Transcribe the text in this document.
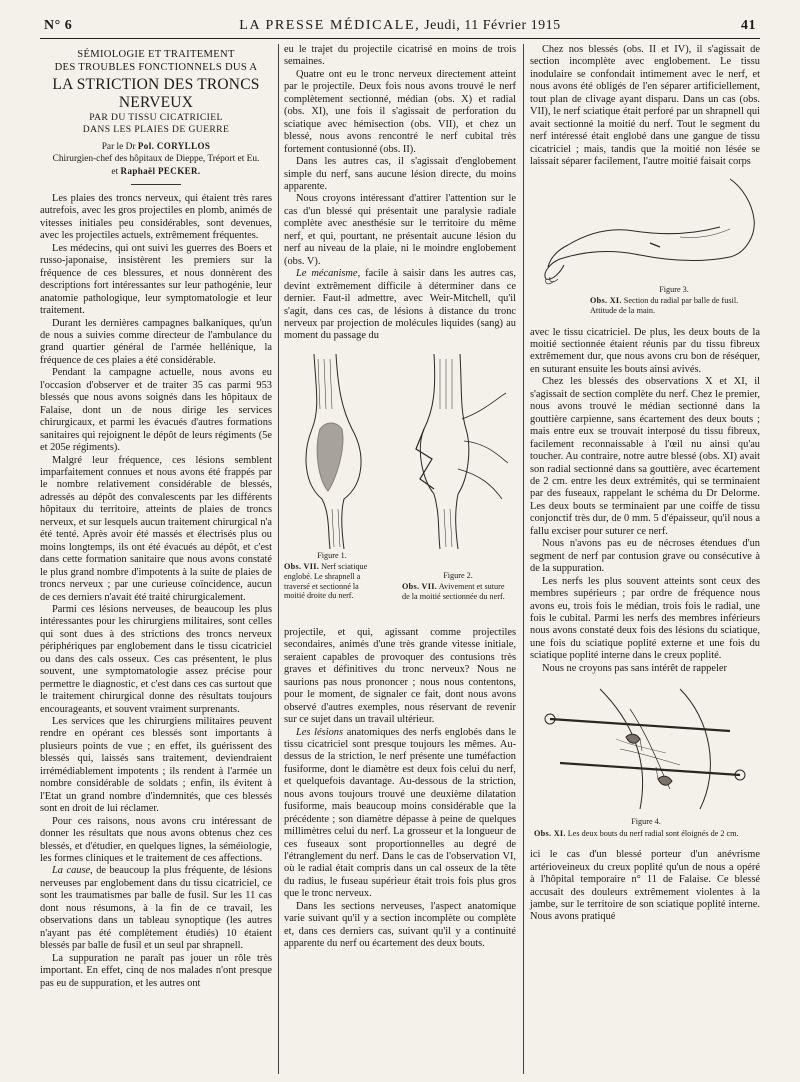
N° 6	LA PRESSE MÉDICALE, Jeudi, 11 Février 1915	41
SÉMIOLOGIE ET TRAITEMENT
DES TROUBLES FONCTIONNELS DUS A
LA STRICTION DES TRONCS NERVEUX
PAR DU TISSU CICATRICIEL
DANS LES PLAIES DE GUERRE
Par le Dr Pol. CORYLLOS
Chirurgien-chef des hôpitaux de Dieppe, Tréport et Eu.
et Raphaël PECKER.

Les plaies des troncs nerveux, qui étaient très rares autrefois, avec les gros projectiles en plomb, animés de vitesses initiales peu considérables, sont devenues, avec les projectiles actuels, extrêmement fréquentes.

Les médecins, qui ont suivi les guerres des Boers et russo-japonaise, insistèrent les premiers sur la fréquence de ces blessures, et nous donnèrent des descriptions fort intéressantes sur leur pathogénie, leur anatomie pathologique, leur symptomatologie et leur traitement.

Durant les dernières campagnes balkaniques, qu'un de nous a suivies comme directeur de l'ambulance du grand quartier général de l'armée hellénique, la fréquence de ces plaies a été considérable.

Pendant la campagne actuelle, nous avons eu l'occasion d'observer et de traiter 35 cas parmi 953 blessés que nous avons soignés dans les hôpitaux de Falaise, dont un de nous dirige les services chirurgicaux, et parmi les évacués d'autres formations sanitaires qui rejoignent le dépôt de leurs régiments (5e et 205e régiments).

Malgré leur fréquence, ces lésions semblent imparfaitement connues et nous avons été frappés par le nombre relativement considérable de blessés, adressés au dépôt des convalescents par les différents hôpitaux du territoire, atteints de plaies de troncs nerveux, et sur lesquels aucun traitement chirurgical n'a été tenté. Après avoir été massés et électrisés plus ou moins longtemps, ils ont été évacués au dépôt, et c'est dans cette formation sanitaire que nous avons constaté le plus grand nombre d'impotents à la suite de plaies de troncs nerveux ; par une curieuse coïncidence, aucun de ces derniers n'avait été traité chirurgicalement.

Parmi ces lésions nerveuses, de beaucoup les plus intéressantes pour les chirurgiens militaires, sont celles qui sont dues à des strictions des troncs nerveux périphériques par englobement dans le tissu cicatriciel ou dans des cals osseux. Ces cas présentent, le plus souvent, une symptomatologie assez précise pour permettre le diagnostic, et c'est dans ces cas surtout que le traitement chirurgical donne des résultats toujours encourageants, et souvent vraiment surprenants.

Les services que les chirurgiens militaires peuvent rendre en opérant ces blessés sont importants à plusieurs points de vue ; en effet, ils guérissent des blessés qui, laissés sans traitement, deviendraient irrémédiablement impotents ; ils rendent à l'armée un nombre considérable de soldats ; enfin, ils évitent à l'Etat un grand nombre d'indemnités, que ces blessés sont en droit de lui réclamer.

Pour ces raisons, nous avons cru intéressant de donner les résultats que nous avons obtenus chez ces blessés, et d'étudier, en quelques lignes, la séméiologie, les formes cliniques et le traitement de ces affections.

La cause, de beaucoup la plus fréquente, de lésions nerveuses par englobement dans du tissu cicatriciel, ce sont les traumatismes par balle de fusil. Sur les 11 cas dont nous résumons, à la fin de ce travail, les observations dans un tableau synoptique (les autres n'ayant pas été complètement étudiés) 10 étaient blessés par balle de fusil et un seul par shrapnell.

La suppuration ne paraît pas jouer un rôle très important. En effet, cinq de nos malades n'ont presque pas eu de suppuration, et les autres ont

eu le trajet du projectile cicatrisé en moins de trois semaines.

Quatre ont eu le tronc nerveux directement atteint par le projectile. Deux fois nous avons trouvé le nerf complètement sectionné, médian (obs. X) et radial (obs. XI), une fois il s'agissait de perforation du sciatique avec hémisection (obs. VII), et chez un blessé, nous avons rencontré le nerf cubital très fortement contusionné (obs. II).

Dans les autres cas, il s'agissait d'englobement simple du nerf, sans aucune lésion directe, du moins apparente.

Nous croyons intéressant d'attirer l'attention sur le cas d'un blessé qui présentait une paralysie radiale complète avec anesthésie sur le territoire du même nerf, et qui, pourtant, ne présentait aucune lésion du nerf au niveau de la plaie, ni le moindre englobement (obs. V).

Le mécanisme, facile à saisir dans les autres cas, devint extrêmement difficile à déterminer dans ce dernier. Faut-il admettre, avec Weir-Mitchell, qu'il s'agit, dans ces cas, de lésions à distance du tronc nerveux par projection de molécules liquides (sang) au moment du passage du

Figure 1.
Obs. VII. Nerf sciatique englobé. Le shrapnell a traversé et sectionné la moitié droite du nerf.
Figure 2.
Obs. VII. Avivement et suture de la moitié sectionnée du nerf.

projectile, et qui, agissant comme projectiles secondaires, animés d'une très grande vitesse initiale, seraient capables de provoquer des contusions très graves et définitives du tronc nerveux? Nous ne saurions pas nous prononcer ; nous nous contentons, pour le moment, de signaler ce fait, dont nous avons observé d'autres exemples, nous réservant de revenir sur ce sujet dans un travail ultérieur.

Les lésions anatomiques des nerfs englobés dans le tissu cicatriciel sont presque toujours les mêmes. Au-dessus de la striction, le nerf présente une tuméfaction fusiforme, dont le diamètre est deux fois celui du nerf, et quelquefois davantage. Au-dessous de la striction, nous avons toujours trouvé une deuxième dilatation fusiforme, mais beaucoup moins considérable que la précédente ; son diamètre dépasse à peine de quelques millimètres celui du nerf. La grosseur et la longueur de ces fuseaux sont proportionnelles au degré de l'étranglement du nerf. Dans le cas de l'observation VI, où le radial était compris dans un cal osseux de la tête du radius, le fuseau supérieur était trois fois plus gros que le tronc nerveux.

Dans les sections nerveuses, l'aspect anatomique varie suivant qu'il y a section incomplète ou complète et, dans ces derniers cas, suivant qu'il y a continuité apparente du nerf ou écartement des deux bouts.

Chez nos blessés (obs. II et IV), il s'agissait de section incomplète avec englobement. Le tissu inodulaire se confondait intimement avec le nerf, et nous avons été obligés de l'en séparer artificiellement, tout plan de clivage ayant disparu. Dans un cas (obs. VII), le nerf sciatique était perforé par un shrapnell qui avait sectionné la moitié du nerf. Tout le segment du nerf intéressé était englobé dans une gangue de tissu cicatriciel ; mais, tandis que la moitié non lésée se laissait séparer facilement, l'autre moitié faisait corps

Figure 3.
Obs. XI. Section du radial par balle de fusil. Attitude de la main.

avec le tissu cicatriciel. De plus, les deux bouts de la moitié sectionnée étaient réunis par du tissu fibreux extrêmement dur, que nous avons cru bon de réséquer, en suturant ensuite les bouts ainsi avivés.

Chez les blessés des observations X et XI, il s'agissait de section complète du nerf. Chez le premier, nous avons trouvé le médian sectionné dans la gouttière carpienne, sans écartement des deux bouts ; mais entre eux se trouvait interposé du tissu fibreux, facilement reconnaissable à l'œil nu ainsi qu'au toucher. Au contraire, notre autre blessé (obs. XI) avait son radial sectionné dans sa gouttière, avec écartement de 2 cm. entre les deux extrémités, qui se terminaient par des fuseaux, rappelant le schéma du Dr Delorme. Les deux bouts se terminaient par une coiffe de tissu conjonctif très dur, de 0 mm. 5 d'épaisseur, qu'il nous a fallu exciser pour suturer ce nerf.

Nous n'avons pas eu de nécroses étendues d'un segment de nerf par contusion grave ou consécutive à de la suppuration.

Les nerfs les plus souvent atteints sont ceux des membres supérieurs ; par ordre de fréquence nous avons eu, trois fois le médian, trois fois le radial, une fois le cubital. Parmi les nerfs des membres inférieurs nous avons constaté deux fois des lésions du sciatique, une fois du sciatique poplité externe et une fois du sciatique poplité interne dans le creux poplité.

Nous ne croyons pas sans intérêt de rappeler

Figure 4.
Obs. XI. Les deux bouts du nerf radial sont éloignés de 2 cm.

ici le cas d'un blessé porteur d'un anévrisme artérioveineux du creux poplité qu'un de nous a opéré à l'hôpital temporaire n° 11 de Falaise. Ce blessé accusait des douleurs extrêmement violentes à la jambe, sur le territoire de son sciatique poplité interne. Nous avons pratiqué
